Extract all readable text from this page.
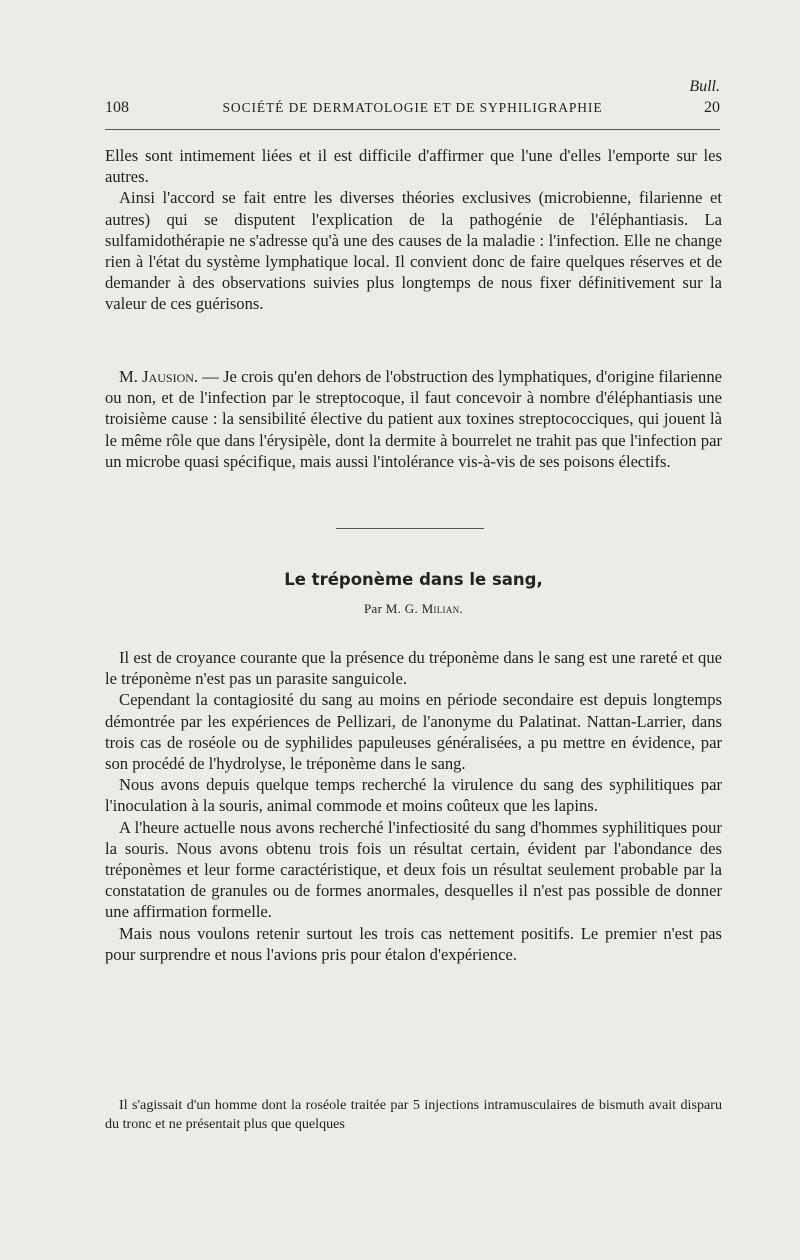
Bull.
108	SOCIÉTÉ DE DERMATOLOGIE ET DE SYPHILIGRAPHIE	20

Elles sont intimement liées et il est difficile d'affirmer que l'une d'elles l'emporte sur les autres.

Ainsi l'accord se fait entre les diverses théories exclusives (microbienne, filarienne et autres) qui se disputent l'explication de la pathogénie de l'éléphantiasis. La sulfamidothérapie ne s'adresse qu'à une des causes de la maladie : l'infection. Elle ne change rien à l'état du système lymphatique local. Il convient donc de faire quelques réserves et de demander à des observations suivies plus longtemps de nous fixer définitivement sur la valeur de ces guérisons.

M. Jausion. — Je crois qu'en dehors de l'obstruction des lymphatiques, d'origine filarienne ou non, et de l'infection par le streptocoque, il faut concevoir à nombre d'éléphantiasis une troisième cause : la sensibilité élective du patient aux toxines streptococciques, qui jouent là le même rôle que dans l'érysipèle, dont la dermite à bourrelet ne trahit pas que l'infection par un microbe quasi spécifique, mais aussi l'intolérance vis-à-vis de ses poisons électifs.

Le tréponème dans le sang,
Par M. G. Milian.

Il est de croyance courante que la présence du tréponème dans le sang est une rareté et que le tréponème n'est pas un parasite sanguicole.

Cependant la contagiosité du sang au moins en période secondaire est depuis longtemps démontrée par les expériences de Pellizari, de l'anonyme du Palatinat. Nattan-Larrier, dans trois cas de roséole ou de syphilides papuleuses généralisées, a pu mettre en évidence, par son procédé de l'hydrolyse, le tréponème dans le sang.

Nous avons depuis quelque temps recherché la virulence du sang des syphilitiques par l'inoculation à la souris, animal commode et moins coûteux que les lapins.

A l'heure actuelle nous avons recherché l'infectiosité du sang d'hommes syphilitiques pour la souris. Nous avons obtenu trois fois un résultat certain, évident par l'abondance des tréponèmes et leur forme caractéristique, et deux fois un résultat seulement probable par la constatation de granules ou de formes anormales, desquelles il n'est pas possible de donner une affirmation formelle.

Mais nous voulons retenir surtout les trois cas nettement positifs. Le premier n'est pas pour surprendre et nous l'avions pris pour étalon d'expérience.

Il s'agissait d'un homme dont la roséole traitée par 5 injections intramusculaires de bismuth avait disparu du tronc et ne présentait plus que quelques
